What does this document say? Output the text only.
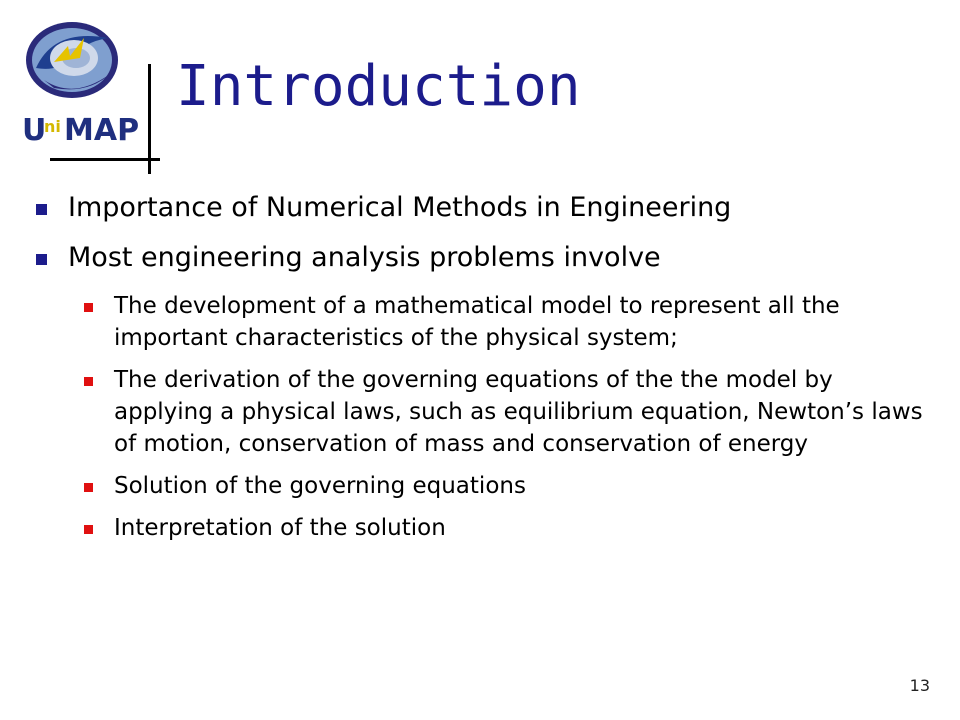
U
ni MAP
Introduction
Importance of Numerical Methods in Engineering
Most engineering analysis problems involve
The development of a mathematical model to represent all the important characteristics of the physical system;
The derivation of the governing equations of the the model by applying a physical laws, such as equilibrium equation, Newton’s laws of motion, conservation of mass and conservation of energy
Solution of the governing equations
Interpretation of the solution
13
